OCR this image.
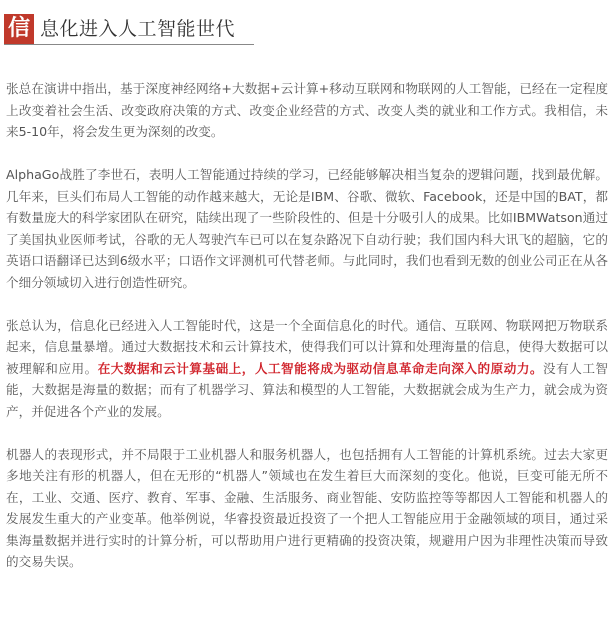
信 息化进入人工智能世代

张总在演讲中指出，基于深度神经网络+大数据+云计算+移动互联网和物联网的人工智能，已经在一定程度上改变着社会生活、改变政府决策的方式、改变企业经营的方式、改变人类的就业和工作方式。我相信，未来5-10年，将会发生更为深刻的改变。

AlphaGo战胜了李世石，表明人工智能通过持续的学习，已经能够解决相当复杂的逻辑问题，找到最优解。几年来，巨头们布局人工智能的动作越来越大，无论是IBM、谷歌、微软、Facebook，还是中国的BAT，都有数量庞大的科学家团队在研究，陆续出现了一些阶段性的、但是十分吸引人的成果。比如IBMWatson通过了美国执业医师考试，谷歌的无人驾驶汽车已可以在复杂路况下自动行驶；我们国内科大讯飞的超脑，它的英语口语翻译已达到6级水平；口语作文评测机可代替老师。与此同时，我们也看到无数的创业公司正在从各个细分领域切入进行创造性研究。

张总认为，信息化已经进入人工智能时代，这是一个全面信息化的时代。通信、互联网、物联网把万物联系起来，信息量暴增。通过大数据技术和云计算技术，使得我们可以计算和处理海量的信息，使得大数据可以被理解和应用。在大数据和云计算基础上，人工智能将成为驱动信息革命走向深入的原动力。没有人工智能，大数据是海量的数据；而有了机器学习、算法和模型的人工智能，大数据就会成为生产力，就会成为资产，并促进各个产业的发展。

机器人的表现形式，并不局限于工业机器人和服务机器人，也包括拥有人工智能的计算机系统。过去大家更多地关注有形的机器人，但在无形的“机器人”领域也在发生着巨大而深刻的变化。他说，巨变可能无所不在，工业、交通、医疗、教育、军事、金融、生活服务、商业智能、安防监控等等都因人工智能和机器人的发展发生重大的产业变革。他举例说，华睿投资最近投资了一个把人工智能应用于金融领域的项目，通过采集海量数据并进行实时的计算分析，可以帮助用户进行更精确的投资决策，规避用户因为非理性决策而导致的交易失误。
